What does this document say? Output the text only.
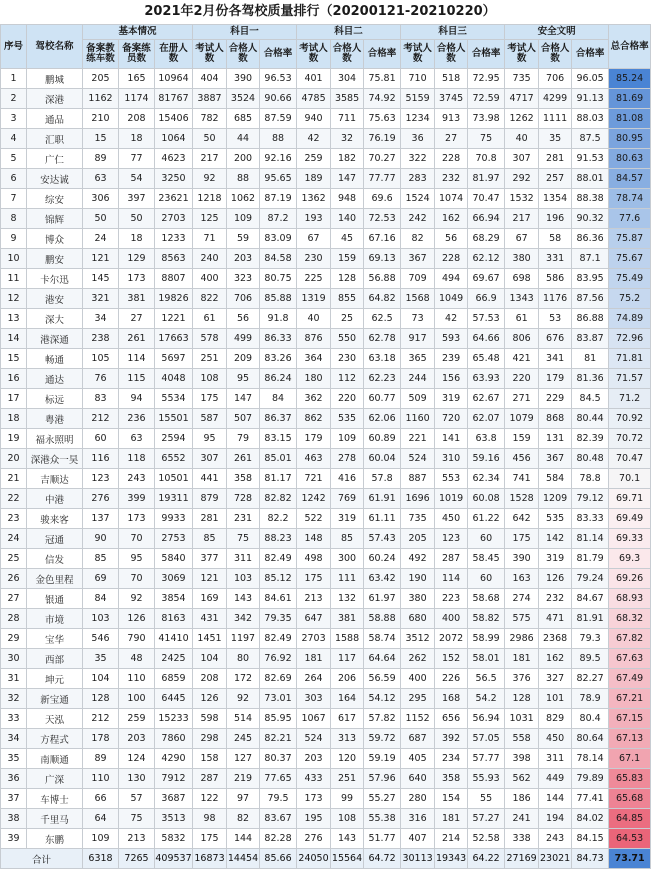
2021年2月份各驾校质量排行（20200121-20210220）
序号	驾校名称	基本情况			科目一			科目二			科目三			安全文明			总合格率
		备案教练车数	备案练员数	在册人数	考试人数	合格人数	合格率	考试人数	合格人数	合格率	考试人数	合格人数	合格率	考试人数	合格人数	合格率	
1	鹏城	205	165	10964	404	390	96.53	401	304	75.81	710	518	72.95	735	706	96.05	85.24
2	深港	1162	1174	81767	3887	3524	90.66	4785	3585	74.92	5159	3745	72.59	4717	4299	91.13	81.69
3	通品	210	208	15406	782	685	87.59	940	711	75.63	1234	913	73.98	1262	1111	88.03	81.08
4	汇职	15	18	1064	50	44	88	42	32	76.19	36	27	75	40	35	87.5	80.95
5	广仁	89	77	4623	217	200	92.16	259	182	70.27	322	228	70.8	307	281	91.53	80.63
6	安达诚	63	54	3250	92	88	95.65	189	147	77.77	283	232	81.97	292	257	88.01	84.57
7	综安	306	397	23621	1218	1062	87.19	1362	948	69.6	1524	1074	70.47	1532	1354	88.38	78.74
8	锦辉	50	50	2703	125	109	87.2	193	140	72.53	242	162	66.94	217	196	90.32	77.6
9	博众	24	18	1233	71	59	83.09	67	45	67.16	82	56	68.29	67	58	86.36	75.87
10	鹏安	121	129	8563	240	203	84.58	230	159	69.13	367	228	62.12	380	331	87.1	75.67
11	卡尔迅	145	173	8807	400	323	80.75	225	128	56.88	709	494	69.67	698	586	83.95	75.49
12	港安	321	381	19826	822	706	85.88	1319	855	64.82	1568	1049	66.9	1343	1176	87.56	75.2
13	深大	34	27	1221	61	56	91.8	40	25	62.5	73	42	57.53	61	53	86.88	74.89
14	港深通	238	261	17663	578	499	86.33	876	550	62.78	917	593	64.66	806	676	83.87	72.96
15	畅通	105	114	5697	251	209	83.26	364	230	63.18	365	239	65.48	421	341	81	71.81
16	通达	76	115	4048	108	95	86.24	180	112	62.23	244	156	63.93	220	179	81.36	71.57
17	标远	83	94	5534	175	147	84	362	220	60.77	509	319	62.67	271	229	84.5	71.2
18	粤港	212	236	15501	587	507	86.37	862	535	62.06	1160	720	62.07	1079	868	80.44	70.92
19	福永照明	60	63	2594	95	79	83.15	179	109	60.89	221	141	63.8	159	131	82.39	70.72
20	深港众一昊	116	118	6552	307	261	85.01	463	278	60.04	524	310	59.16	456	367	80.48	70.47
21	吉顺达	123	243	10501	441	358	81.17	721	416	57.8	887	553	62.34	741	584	78.8	70.1
22	中港	276	399	19311	879	728	82.82	1242	769	61.91	1696	1019	60.08	1528	1209	79.12	69.71
23	骏来客	137	173	9933	281	231	82.2	522	319	61.11	735	450	61.22	642	535	83.33	69.49
24	冠通	90	70	2753	85	75	88.23	148	85	57.43	205	123	60	175	142	81.14	69.33
25	信发	85	95	5840	377	311	82.49	498	300	60.24	492	287	58.45	390	319	81.79	69.3
26	金色里程	69	70	3069	121	103	85.12	175	111	63.42	190	114	60	163	126	79.24	69.26
27	银通	84	92	3854	169	143	84.61	213	132	61.97	380	223	58.68	274	232	84.67	68.93
28	市境	103	126	8163	431	342	79.35	647	381	58.88	680	400	58.82	575	471	81.91	68.32
29	宝华	546	790	41410	1451	1197	82.49	2703	1588	58.74	3512	2072	58.99	2986	2368	79.3	67.82
30	西部	35	48	2425	104	80	76.92	181	117	64.64	262	152	58.01	181	162	89.5	67.63
31	坤元	104	110	6859	208	172	82.69	264	206	56.59	400	226	56.5	376	327	82.27	67.49
32	新宝通	128	100	6445	126	92	73.01	303	164	54.12	295	168	54.2	128	101	78.9	67.21
33	天泓	212	259	15233	598	514	85.95	1067	617	57.82	1152	656	56.94	1031	829	80.4	67.15
34	方程式	178	203	7860	298	245	82.21	524	313	59.72	687	392	57.05	558	450	80.64	67.13
35	南顺通	89	124	4290	158	127	80.37	203	120	59.19	405	234	57.77	398	311	78.14	67.1
36	广深	110	130	7912	287	219	77.65	433	251	57.96	640	358	55.93	562	449	79.89	65.83
37	车博士	66	57	3687	122	97	79.5	173	99	55.27	280	154	55	186	144	77.41	65.68
38	千里马	64	75	3513	98	82	83.67	195	108	55.38	316	181	57.27	241	194	84.02	64.85
39	东鹏	109	213	5832	175	144	82.28	276	143	51.77	407	214	52.58	338	243	84.15	64.53
合计		6318	7265	409537	16873	14454	85.66	24050	15564	64.72	30113	19343	64.22	27169	23021	84.73	73.71
